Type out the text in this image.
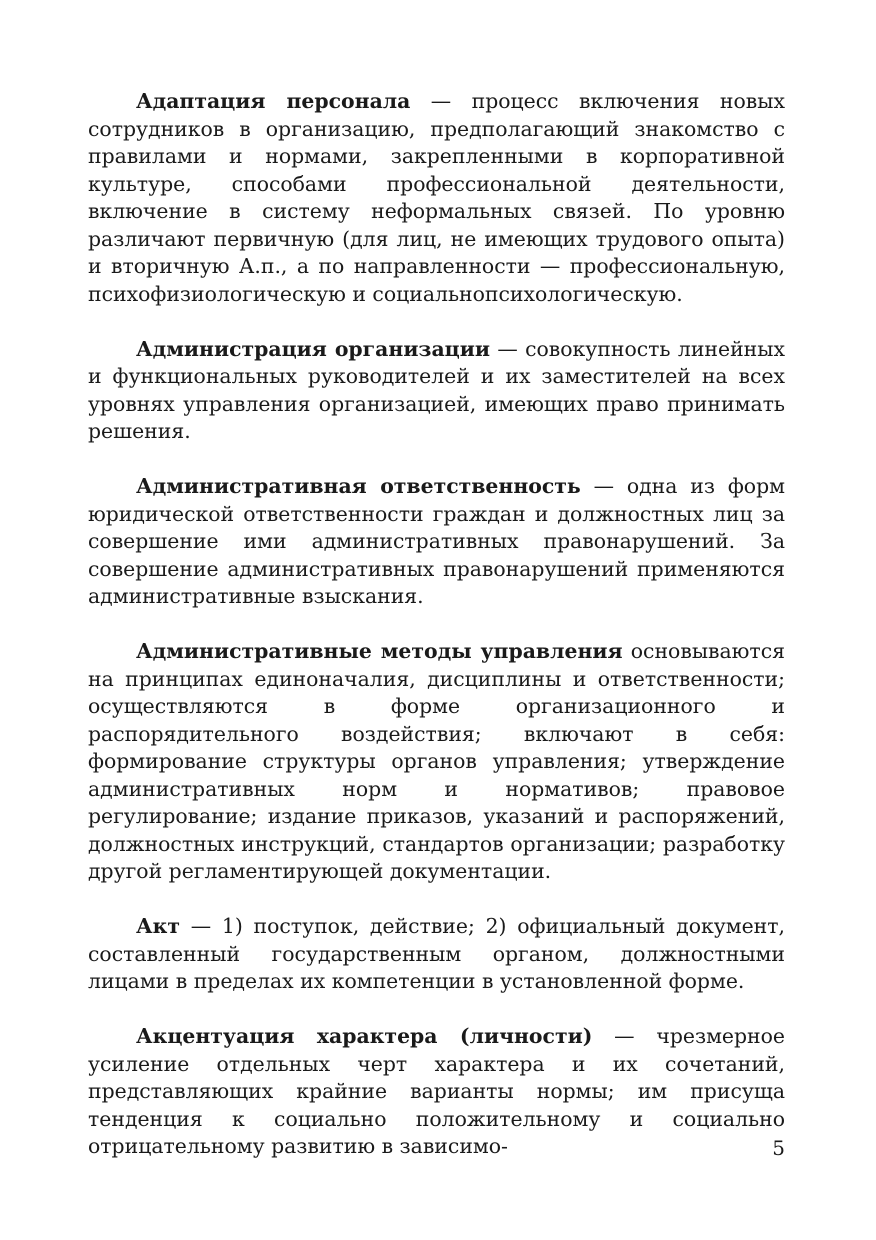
Адаптация персонала — процесс включения новых сотрудников в организацию, предполагающий знакомство с правилами и нормами, закрепленными в корпоративной культуре, способами профессиональной деятельности, включение в систему неформальных связей. По уровню различают первичную (для лиц, не имеющих трудового опыта) и вторичную А.п., а по направленности — профессиональную, психофизиологическую и социальнопсихологическую.

Администрация организации — совокупность линейных и функциональных руководителей и их заместителей на всех уровнях управления организацией, имеющих право принимать решения.

Административная ответственность — одна из форм юридической ответственности граждан и должностных лиц за совершение ими административных правонарушений. За совершение административных правонарушений применяются административные взыскания.

Административные методы управления основываются на принципах единоначалия, дисциплины и ответственности; осуществляются в форме организационного и распорядительного воздействия; включают в себя: формирование структуры органов управления; утверждение административных норм и нормативов; правовое регулирование; издание приказов, указаний и распоряжений, должностных инструкций, стандартов организации; разработку другой регламентирующей документации.

Акт — 1) поступок, действие; 2) официальный документ, составленный государственным органом, должностными лицами в пределах их компетенции в установленной форме.

Акцентуация характера (личности) — чрезмерное усиление отдельных черт характера и их сочетаний, представляющих крайние варианты нормы; им присуща тенденция к социально положительному и социально отрицательному развитию в зависимо-	5
